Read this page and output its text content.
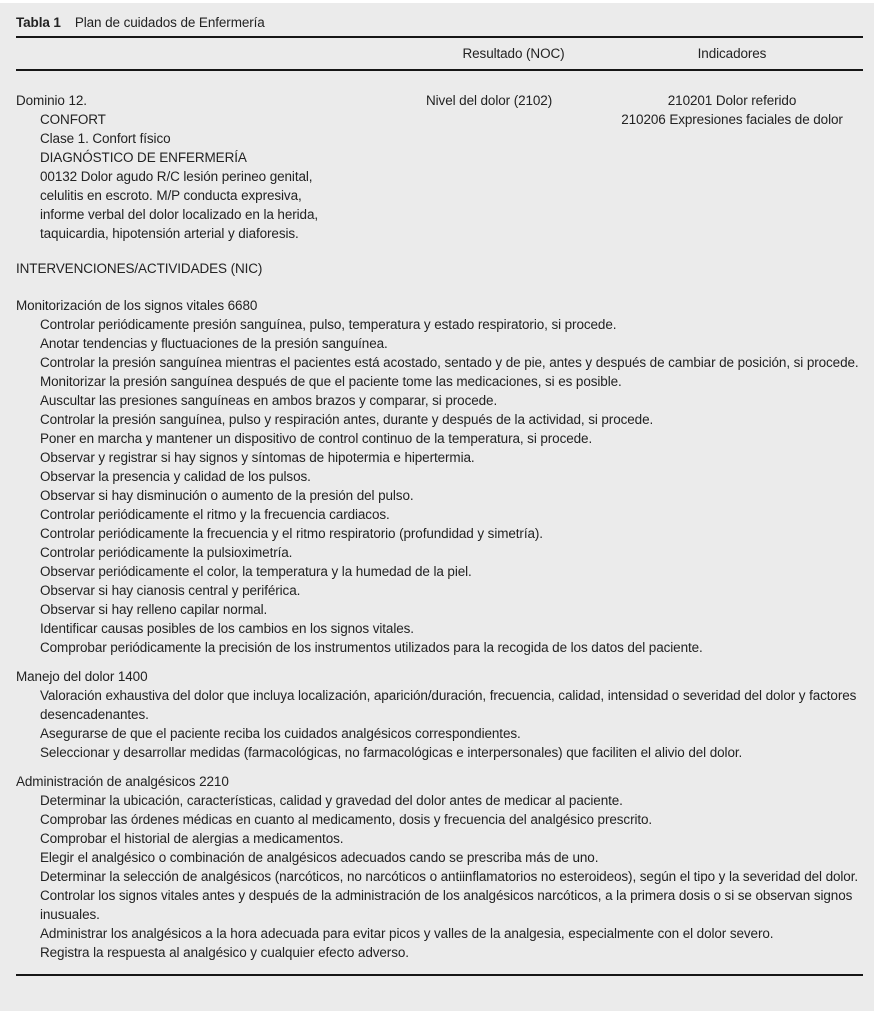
Tabla 1 Plan de cuidados de Enfermería
Resultado (NOC)	Indicadores
Dominio 12.
CONFORT
Clase 1. Confort físico
DIAGNÓSTICO DE ENFERMERÍA
00132 Dolor agudo R/C lesión perineo genital,
celulitis en escroto. M/P conducta expresiva,
informe verbal del dolor localizado en la herida,
taquicardia, hipotensión arterial y diaforesis.
Nivel del dolor (2102)	210201 Dolor referido
210206 Expresiones faciales de dolor
INTERVENCIONES/ACTIVIDADES (NIC)
Monitorización de los signos vitales 6680
Controlar periódicamente presión sanguínea, pulso, temperatura y estado respiratorio, si procede.
Anotar tendencias y fluctuaciones de la presión sanguínea.
Controlar la presión sanguínea mientras el pacientes está acostado, sentado y de pie, antes y después de cambiar de posición, si procede.
Monitorizar la presión sanguínea después de que el paciente tome las medicaciones, si es posible.
Auscultar las presiones sanguíneas en ambos brazos y comparar, si procede.
Controlar la presión sanguínea, pulso y respiración antes, durante y después de la actividad, si procede.
Poner en marcha y mantener un dispositivo de control continuo de la temperatura, si procede.
Observar y registrar si hay signos y síntomas de hipotermia e hipertermia.
Observar la presencia y calidad de los pulsos.
Observar si hay disminución o aumento de la presión del pulso.
Controlar periódicamente el ritmo y la frecuencia cardiacos.
Controlar periódicamente la frecuencia y el ritmo respiratorio (profundidad y simetría).
Controlar periódicamente la pulsioximetría.
Observar periódicamente el color, la temperatura y la humedad de la piel.
Observar si hay cianosis central y periférica.
Observar si hay relleno capilar normal.
Identificar causas posibles de los cambios en los signos vitales.
Comprobar periódicamente la precisión de los instrumentos utilizados para la recogida de los datos del paciente.
Manejo del dolor 1400
Valoración exhaustiva del dolor que incluya localización, aparición/duración, frecuencia, calidad, intensidad o severidad del dolor y factores desencadenantes.
Asegurarse de que el paciente reciba los cuidados analgésicos correspondientes.
Seleccionar y desarrollar medidas (farmacológicas, no farmacológicas e interpersonales) que faciliten el alivio del dolor.
Administración de analgésicos 2210
Determinar la ubicación, características, calidad y gravedad del dolor antes de medicar al paciente.
Comprobar las órdenes médicas en cuanto al medicamento, dosis y frecuencia del analgésico prescrito.
Comprobar el historial de alergias a medicamentos.
Elegir el analgésico o combinación de analgésicos adecuados cando se prescriba más de uno.
Determinar la selección de analgésicos (narcóticos, no narcóticos o antiinflamatorios no esteroideos), según el tipo y la severidad del dolor.
Controlar los signos vitales antes y después de la administración de los analgésicos narcóticos, a la primera dosis o si se observan signos inusuales.
Administrar los analgésicos a la hora adecuada para evitar picos y valles de la analgesia, especialmente con el dolor severo.
Registra la respuesta al analgésico y cualquier efecto adverso.
